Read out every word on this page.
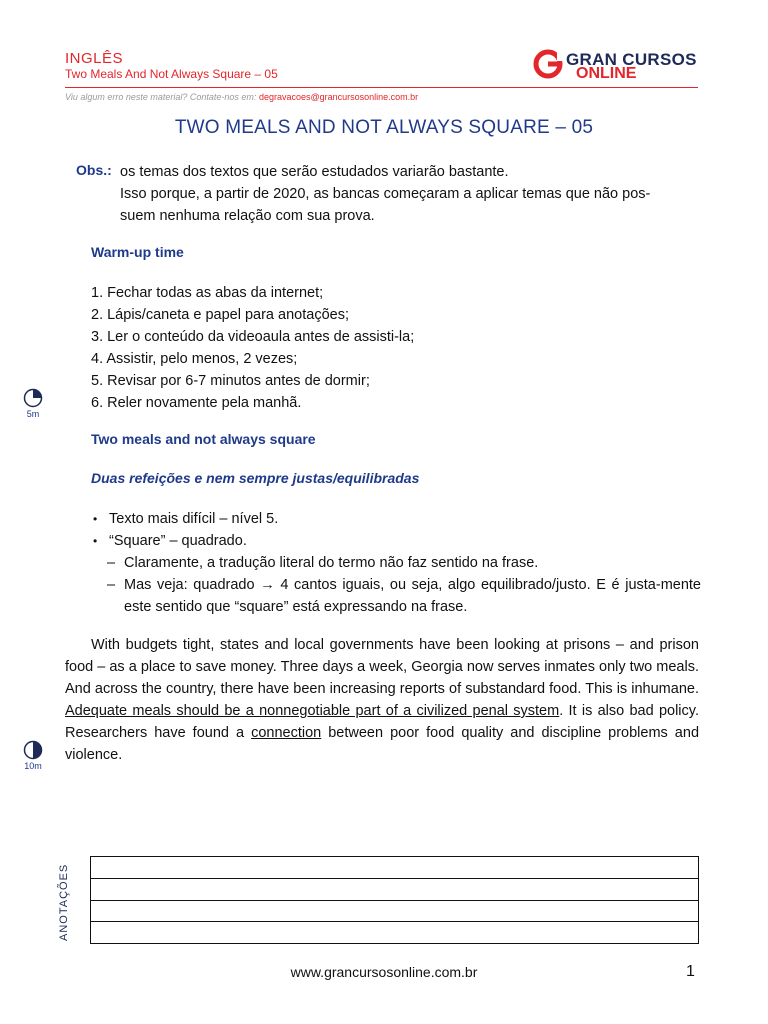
INGLÊS
Two Meals And Not Always Square – 05
GRAN CURSOS
ONLINE
Viu algum erro neste material? Contate-nos em: degravacoes@grancursosonline.com.br
TWO MEALS AND NOT ALWAYS SQUARE – 05
Obs.: os temas dos textos que serão estudados variarão bastante.
Isso porque, a partir de 2020, as bancas começaram a aplicar temas que não pos-
suem nenhuma relação com sua prova.
Warm-up time
1. Fechar todas as abas da internet;
2. Lápis/caneta e papel para anotações;
3. Ler o conteúdo da videoaula antes de assisti-la;
4. Assistir, pelo menos, 2 vezes;
5. Revisar por 6-7 minutos antes de dormir;
6. Reler novamente pela manhã.
5m
Two meals and not always square
Duas refeições e nem sempre justas/equilibradas
• Texto mais difícil – nível 5.
• “Square” – quadrado.
– Claramente, a tradução literal do termo não faz sentido na frase.
– Mas veja: quadrado → 4 cantos iguais, ou seja, algo equilibrado/justo. E é justa-mente este sentido que “square” está expressando na frase.
With budgets tight, states and local governments have been looking at prisons – and prison food – as a place to save money. Three days a week, Georgia now serves inmates only two meals. And across the country, there have been increasing reports of substandard food. This is inhumane. Adequate meals should be a nonnegotiable part of a civilized penal system. It is also bad policy. Researchers have found a connection between poor food quality and discipline problems and violence.
10m
ANOTAÇÕES
www.grancursosonline.com.br	1
